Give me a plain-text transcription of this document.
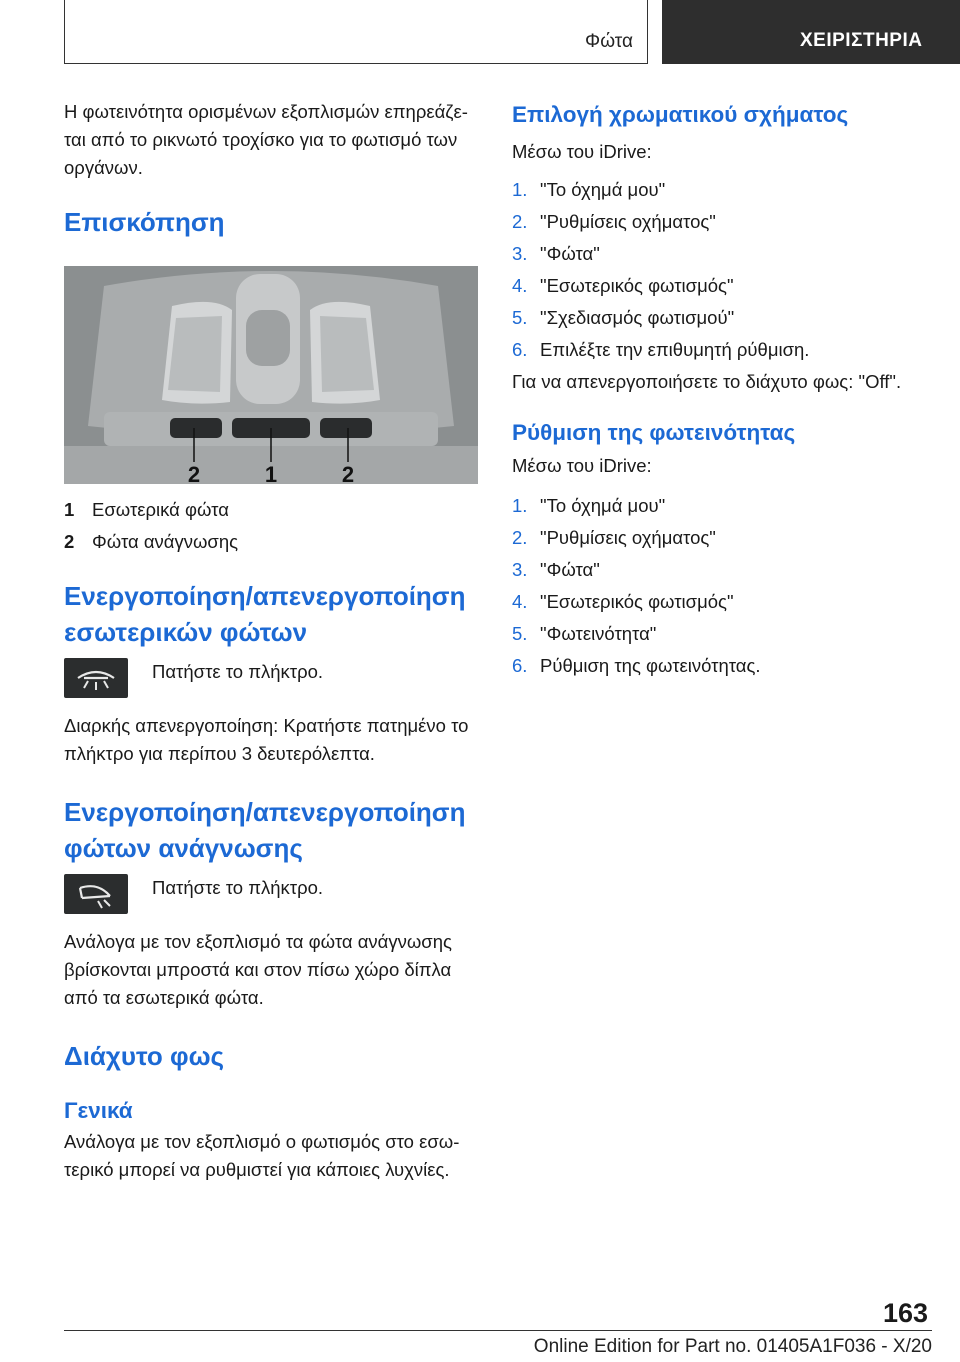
Φώτα	ΧΕΙΡΙΣΤΗΡΙΑ

Η φωτεινότητα ορισμένων εξοπλισμών επηρεάζεται από το ρικνωτό τροχίσκο για το φωτισμό των οργάνων.

Επισκόπηση
2	1	2
1 Εσωτερικά φώτα
2 Φώτα ανάγνωσης
Ενεργοποίηση/απενεργοποίηση εσωτερικών φώτων

Πατήστε το πλήκτρο.

Διαρκής απενεργοποίηση: Κρατήστε πατημένο το πλήκτρο για περίπου 3 δευτερόλεπτα.

Ενεργοποίηση/απενεργοποίηση φώτων ανάγνωσης

Πατήστε το πλήκτρο.

Ανάλογα με τον εξοπλισμό τα φώτα ανάγνωσης βρίσκονται μπροστά και στον πίσω χώρο δίπλα από τα εσωτερικά φώτα.

Διάχυτο φως
Γενικά

Ανάλογα με τον εξοπλισμό ο φωτισμός στο εσωτερικό μπορεί να ρυθμιστεί για κάποιες λυχνίες.

Επιλογή χρωματικού σχήματος

Μέσω του iDrive:

1. "Το όχημά μου"
2. "Ρυθμίσεις οχήματος"
3. "Φώτα"
4. "Εσωτερικός φωτισμός"
5. "Σχεδιασμός φωτισμού"
6. Επιλέξτε την επιθυμητή ρύθμιση.

Για να απενεργοποιήσετε το διάχυτο φως: "Off".

Ρύθμιση της φωτεινότητας

Μέσω του iDrive:

1. "Το όχημά μου"
2. "Ρυθμίσεις οχήματος"
3. "Φώτα"
4. "Εσωτερικός φωτισμός"
5. "Φωτεινότητα"
6. Ρύθμιση της φωτεινότητας.
163
Online Edition for Part no. 01405A1F036 - X/20
